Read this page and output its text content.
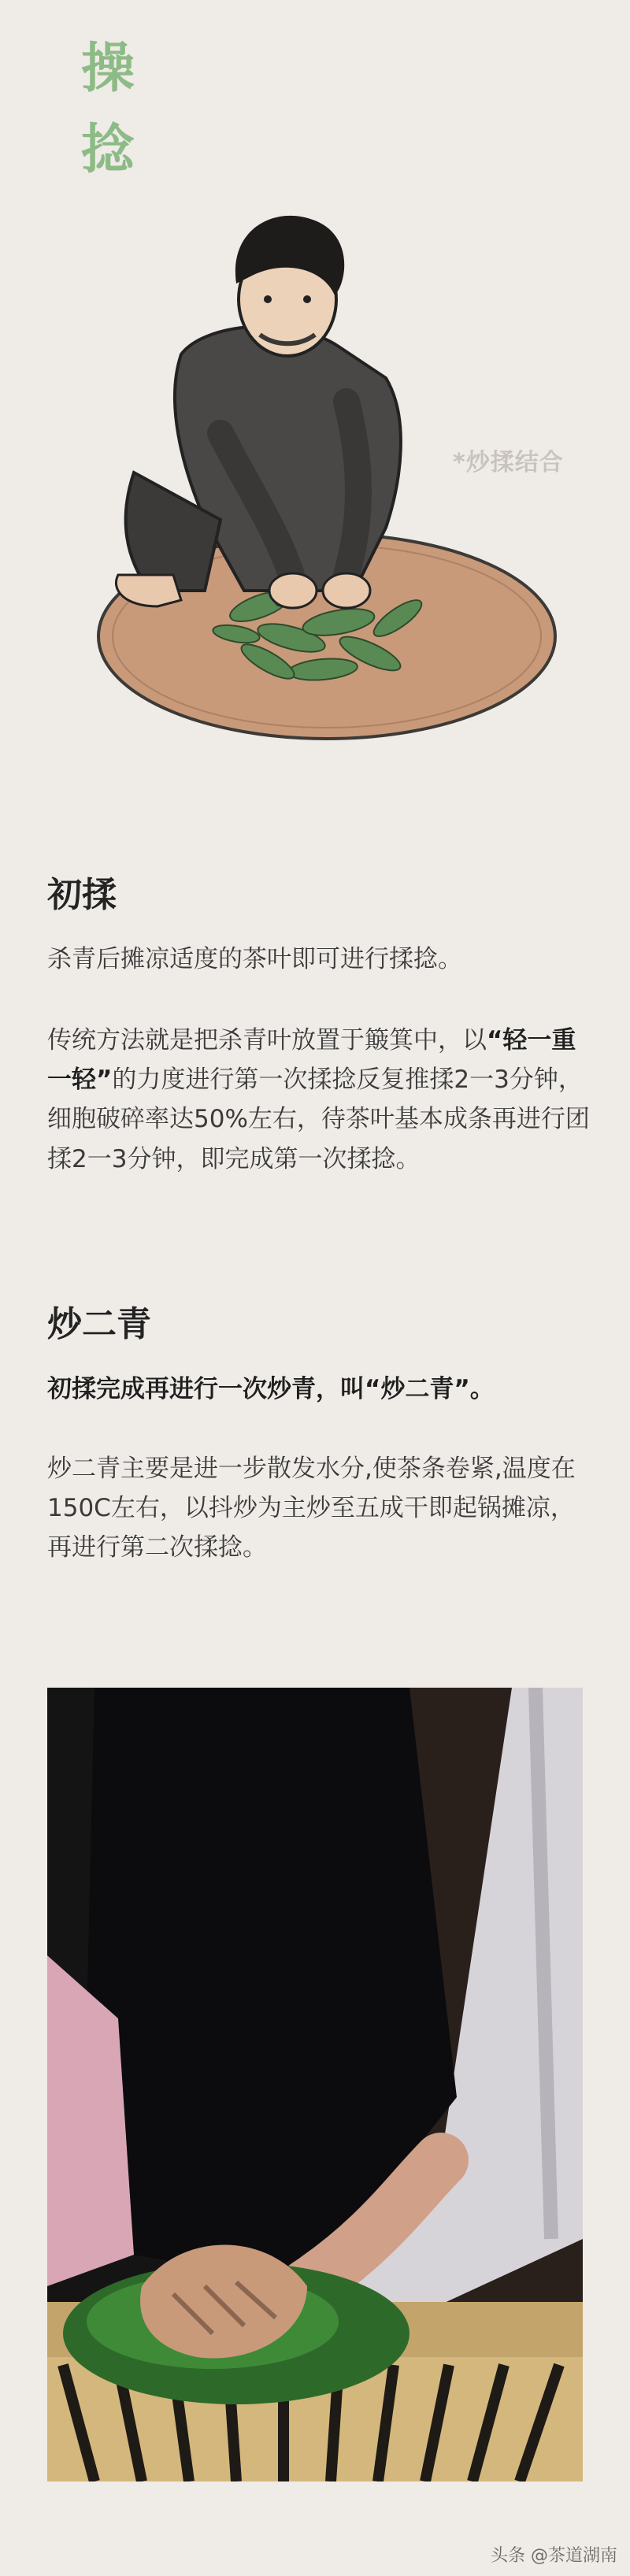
操
捻
*炒揉结合
初揉
杀青后摊凉适度的茶叶即可进行揉捻。
传统方法就是把杀青叶放置于簸箕中，以“轻一重一轻”的力度进行第一次揉捻反复推揉2一3分钟，细胞破碎率达50%左右，待茶叶基本成条再进行团揉2一3分钟，即完成第一次揉捻。
炒二青
初揉完成再进行一次炒青，叫“炒二青”。
炒二青主要是进一步散发水分,使茶条卷紧,温度在150C左右，以抖炒为主炒至五成干即起锅摊凉，再进行第二次揉捻。
头条 @茶道湖南
